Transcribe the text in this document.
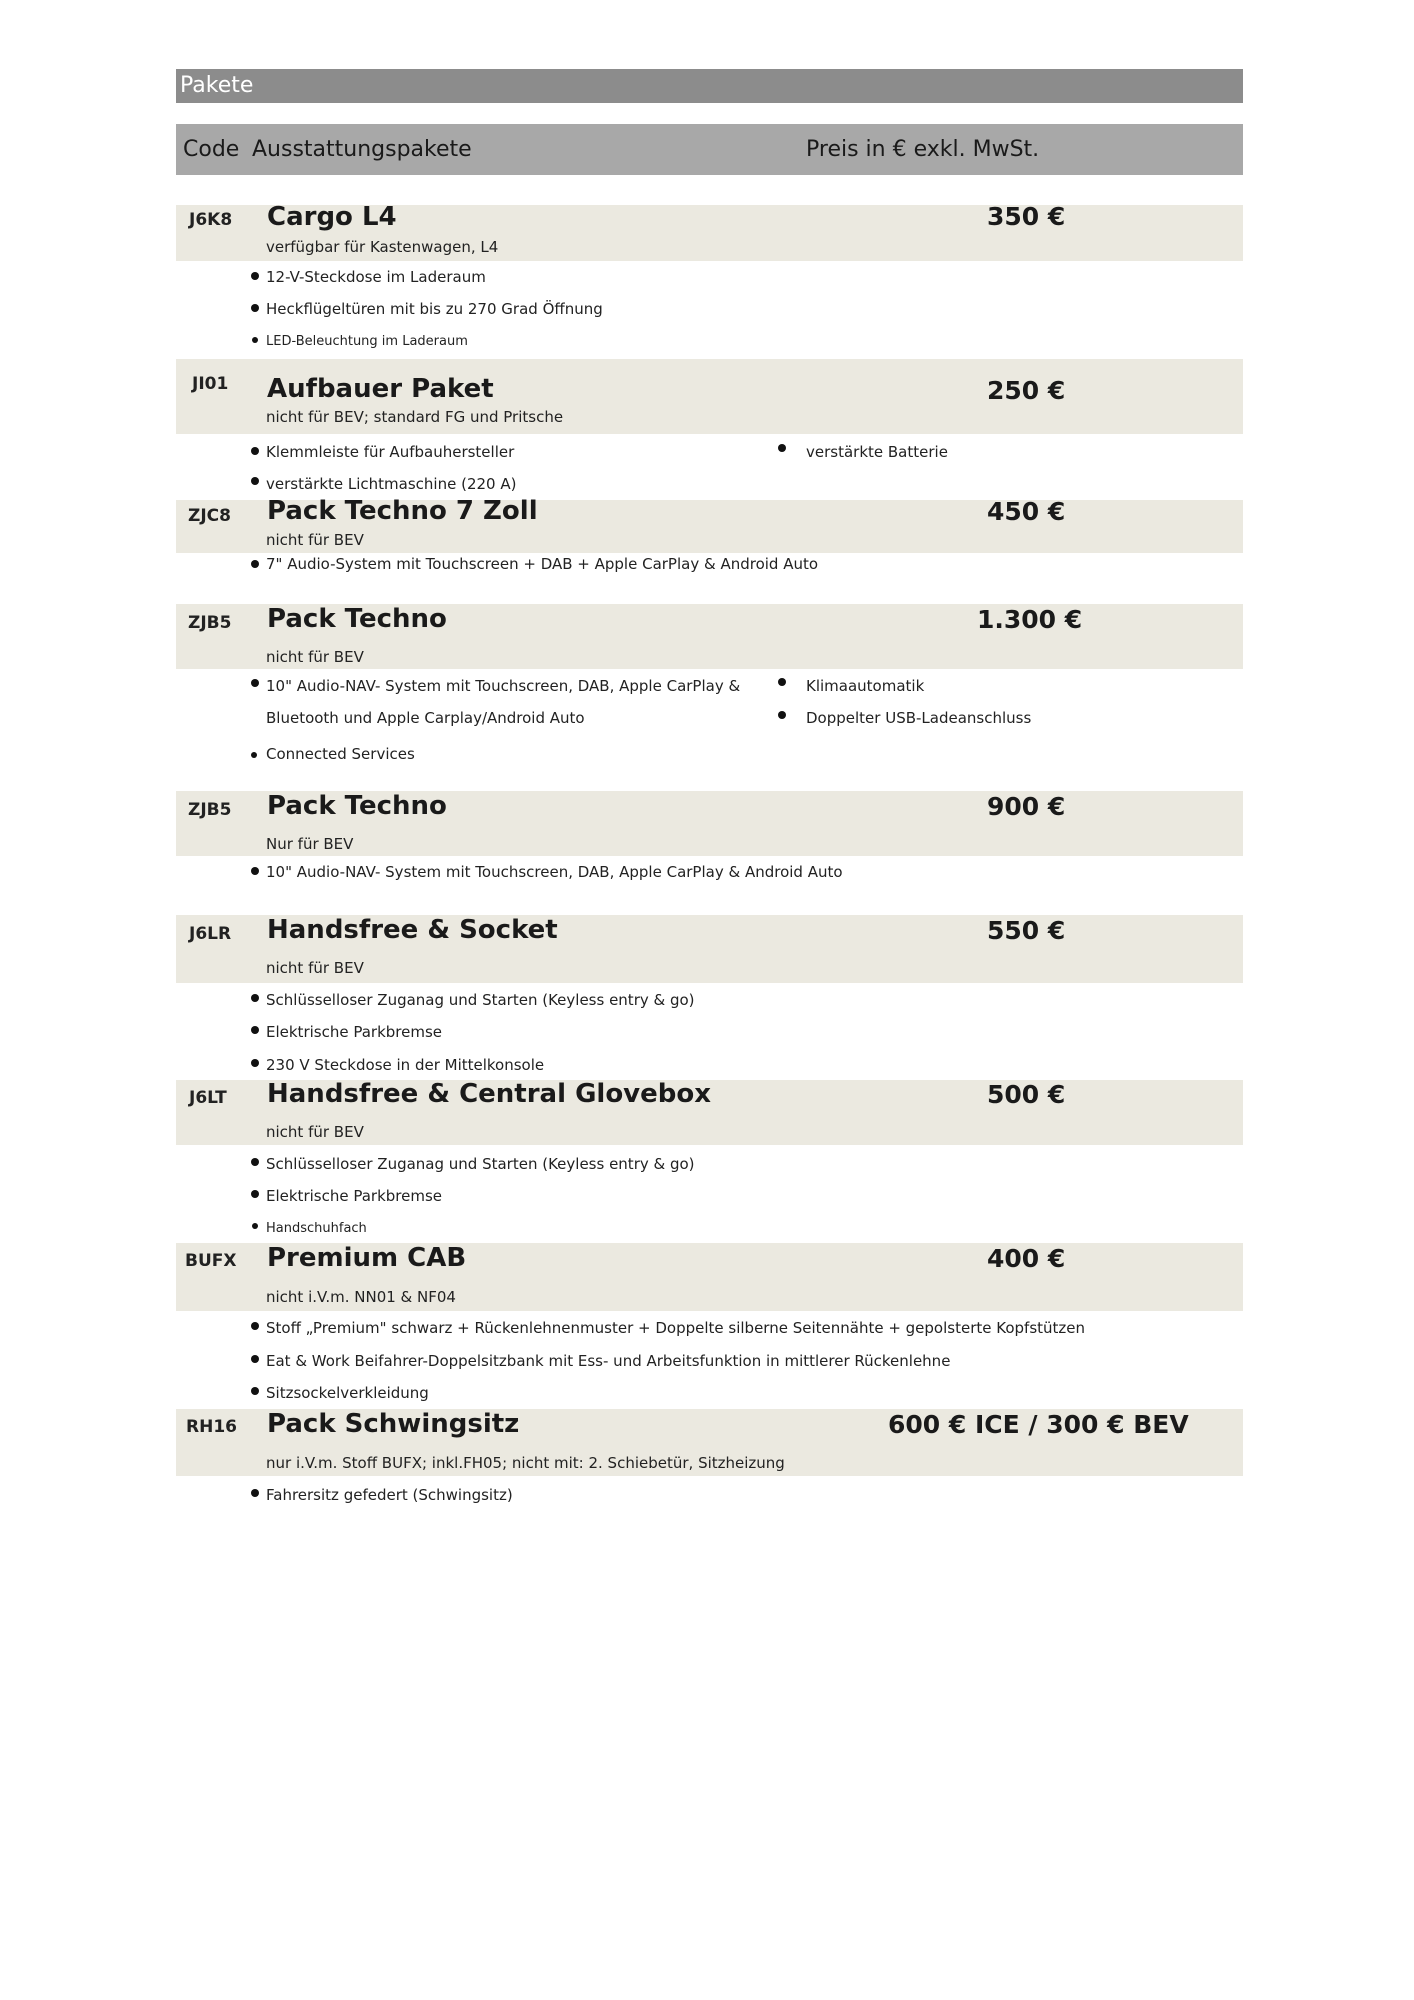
Pakete
Code Ausstattungspakete	Preis in € exkl. MwSt.
J6K8 Cargo L4	350 €
verfügbar für Kastenwagen, L4
12-V-Steckdose im Laderaum
Heckflügeltüren mit bis zu 270 Grad Öffnung
LED-Beleuchtung im Laderaum
JI01 Aufbauer Paket	250 €
nicht für BEV; standard FG und Pritsche
Klemmleiste für Aufbauhersteller	verstärkte Batterie
verstärkte Lichtmaschine (220 A)
ZJC8 Pack Techno 7 Zoll	450 €
nicht für BEV
7" Audio-System mit Touchscreen + DAB + Apple CarPlay & Android Auto
ZJB5 Pack Techno	1.300 €
nicht für BEV
10" Audio-NAV- System mit Touchscreen, DAB, Apple CarPlay &
Bluetooth und Apple Carplay/Android Auto
Klimaautomatik
Doppelter USB-Ladeanschluss
Connected Services
ZJB5 Pack Techno	900 €
Nur für BEV
10" Audio-NAV- System mit Touchscreen, DAB, Apple CarPlay & Android Auto
J6LR Handsfree & Socket	550 €
nicht für BEV
Schlüsselloser Zuganag und Starten (Keyless entry & go)
Elektrische Parkbremse
230 V Steckdose in der Mittelkonsole
J6LT Handsfree & Central Glovebox	500 €
nicht für BEV
Schlüsselloser Zuganag und Starten (Keyless entry & go)
Elektrische Parkbremse
Handschuhfach
BUFX Premium CAB	400 €
nicht i.V.m. NN01 & NF04
Stoff „Premium" schwarz + Rückenlehnenmuster + Doppelte silberne Seitennähte + gepolsterte Kopfstützen
Eat & Work Beifahrer-Doppelsitzbank mit Ess- und Arbeitsfunktion in mittlerer Rückenlehne
Sitzsockelverkleidung
RH16 Pack Schwingsitz	600 € ICE / 300 € BEV
nur i.V.m. Stoff BUFX; inkl.FH05; nicht mit: 2. Schiebetür, Sitzheizung
Fahrersitz gefedert (Schwingsitz)
